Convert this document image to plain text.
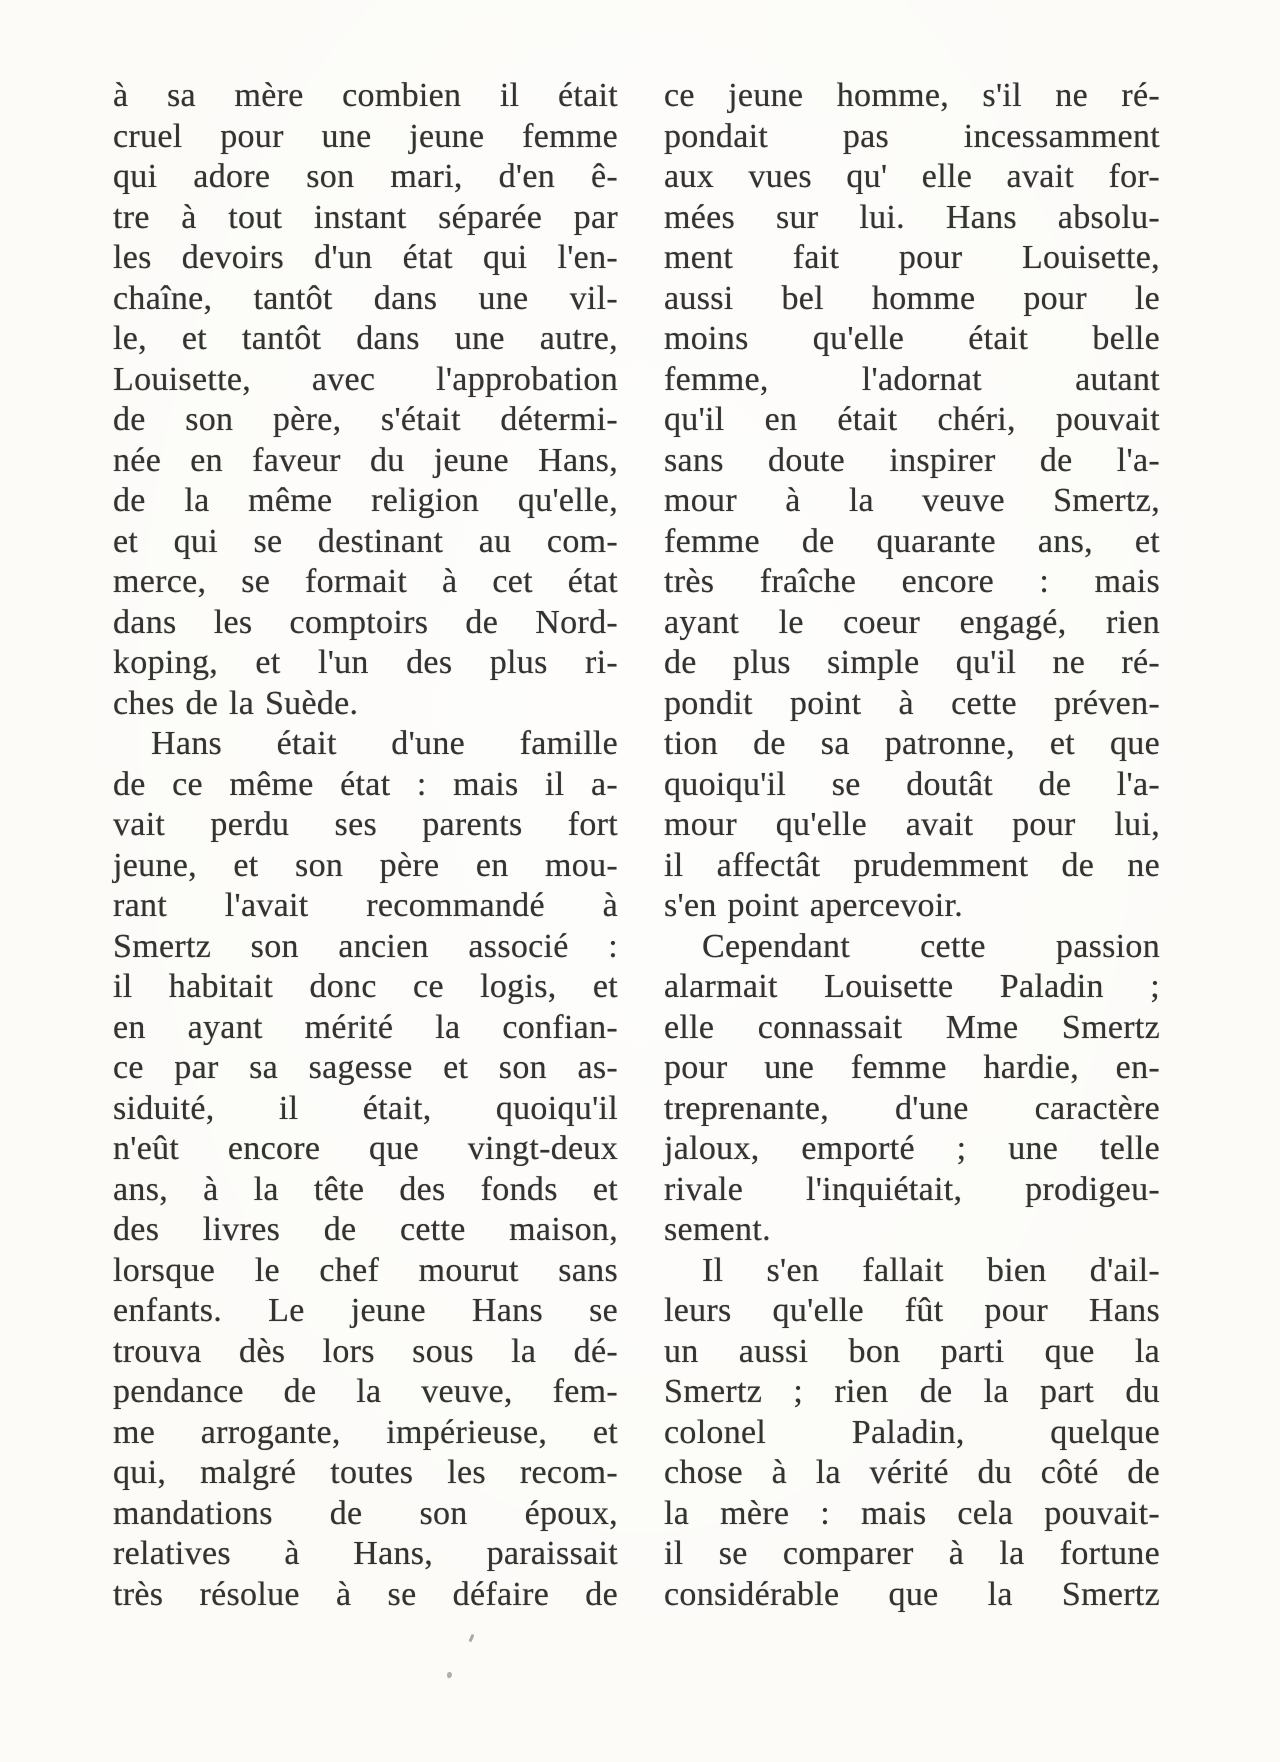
à sa mère combien il était
cruel pour une jeune femme
qui adore son mari, d'en ê-
tre à tout instant séparée par
les devoirs d'un état qui l'en-
chaîne, tantôt dans une vil-
le, et tantôt dans une autre,
Louisette, avec l'approbation
de son père, s'était détermi-
née en faveur du jeune Hans,
de la même religion qu'elle,
et qui se destinant au com-
merce, se formait à cet état
dans les comptoirs de Nord-
koping, et l'un des plus ri-
ches de la Suède.
Hans était d'une famille
de ce même état : mais il a-
vait perdu ses parents fort
jeune, et son père en mou-
rant l'avait recommandé à
Smertz son ancien associé :
il habitait donc ce logis, et
en ayant mérité la confian-
ce par sa sagesse et son as-
siduité, il était, quoiqu'il
n'eût encore que vingt-deux
ans, à la tête des fonds et
des livres de cette maison,
lorsque le chef mourut sans
enfants. Le jeune Hans se
trouva dès lors sous la dé-
pendance de la veuve, fem-
me arrogante, impérieuse, et
qui, malgré toutes les recom-
mandations de son époux,
relatives à Hans, paraissait
très résolue à se défaire de
ce jeune homme, s'il ne ré-
pondait pas incessamment
aux vues qu' elle avait for-
mées sur lui. Hans absolu-
ment fait pour Louisette,
aussi bel homme pour le
moins qu'elle était belle
femme, l'adornat autant
qu'il en était chéri, pouvait
sans doute inspirer de l'a-
mour à la veuve Smertz,
femme de quarante ans, et
très fraîche encore : mais
ayant le coeur engagé, rien
de plus simple qu'il ne ré-
pondit point à cette préven-
tion de sa patronne, et que
quoiqu'il se doutât de l'a-
mour qu'elle avait pour lui,
il affectât prudemment de ne
s'en point apercevoir.
Cependant cette passion
alarmait Louisette Paladin ;
elle connassait Mme Smertz
pour une femme hardie, en-
treprenante, d'une caractère
jaloux, emporté ; une telle
rivale l'inquiétait, prodigeu-
sement.
Il s'en fallait bien d'ail-
leurs qu'elle fût pour Hans
un aussi bon parti que la
Smertz ; rien de la part du
colonel Paladin, quelque
chose à la vérité du côté de
la mère : mais cela pouvait-
il se comparer à la fortune
considérable que la Smertz
